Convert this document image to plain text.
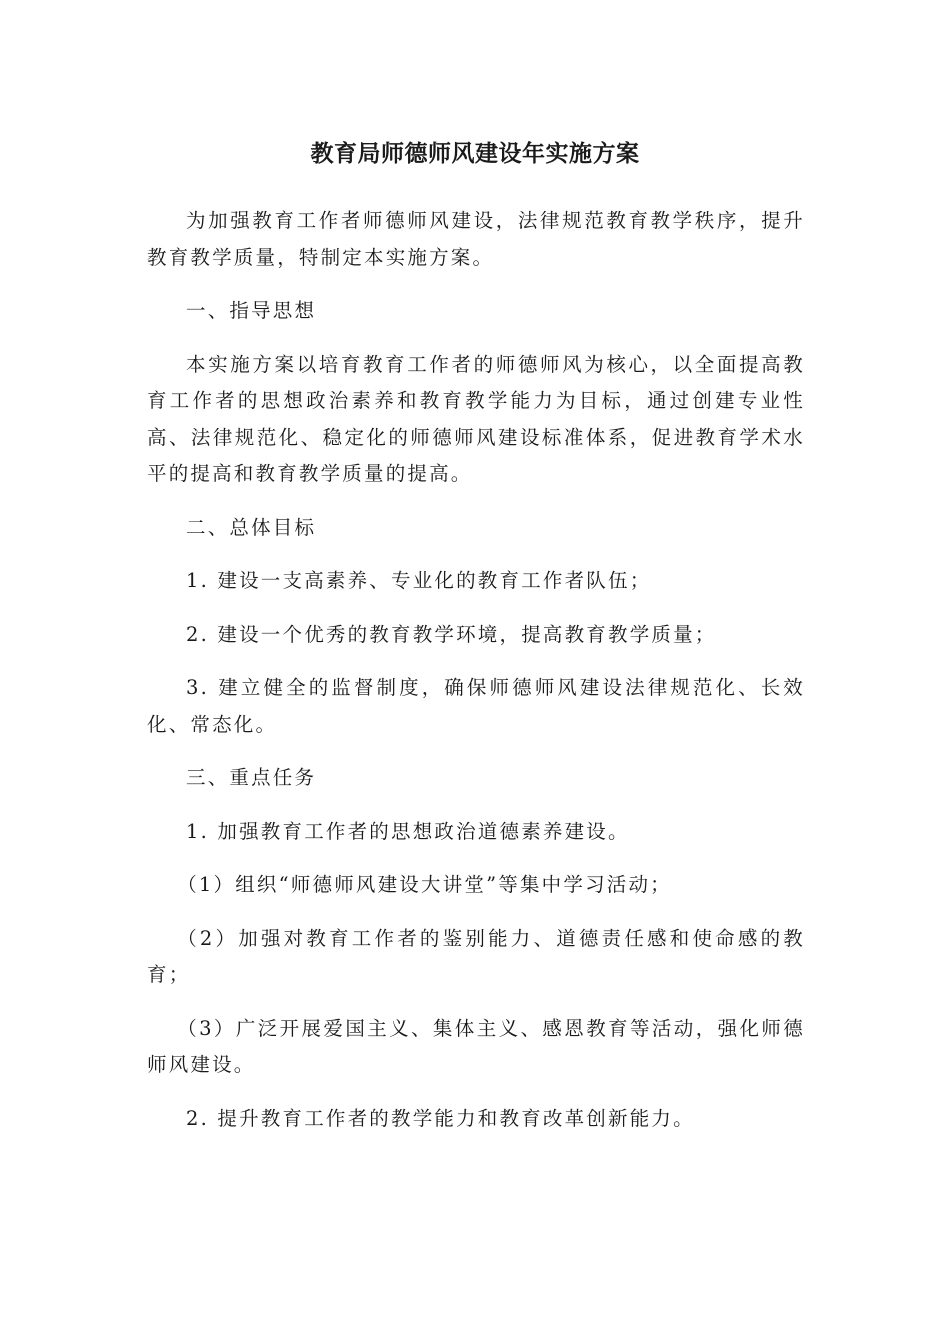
教育局师德师风建设年实施方案

为加强教育工作者师德师风建设，法律规范教育教学秩序，提升教育教学质量，特制定本实施方案。

一、指导思想

本实施方案以培育教育工作者的师德师风为核心，以全面提高教育工作者的思想政治素养和教育教学能力为目标，通过创建专业性高、法律规范化、稳定化的师德师风建设标准体系，促进教育学术水平的提高和教育教学质量的提高。

二、总体目标

1. 建设一支高素养、专业化的教育工作者队伍；

2. 建设一个优秀的教育教学环境，提高教育教学质量；

3. 建立健全的监督制度，确保师德师风建设法律规范化、长效化、常态化。

三、重点任务

1. 加强教育工作者的思想政治道德素养建设。

（1）组织“师德师风建设大讲堂”等集中学习活动；

（2）加强对教育工作者的鉴别能力、道德责任感和使命感的教育；

（3）广泛开展爱国主义、集体主义、感恩教育等活动，强化师德师风建设。

2. 提升教育工作者的教学能力和教育改革创新能力。
